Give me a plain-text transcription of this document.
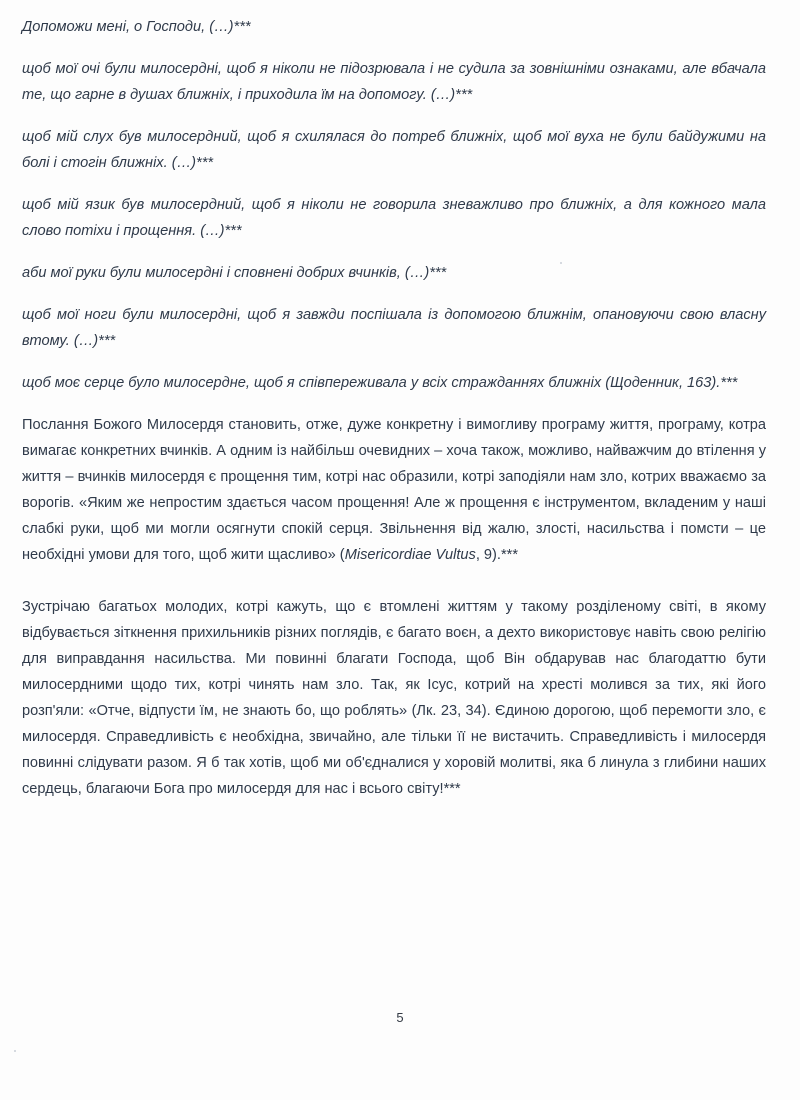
Допоможи мені, о Господи, (…)***

щоб мої очі були милосердні, щоб я ніколи не підозрювала і не судила за зовнішніми ознаками, але вбачала те, що гарне в душах ближніх, і приходила їм на допомогу. (…)***

щоб мій слух був милосердний, щоб я схилялася до потреб ближніх, щоб мої вуха не були байдужими на болі і стогін ближніх. (…)***

щоб мій язик був милосердний, щоб я ніколи не говорила зневажливо про ближніх, а для кожного мала слово потіхи і прощення. (…)***

аби мої руки були милосердні і сповнені добрих вчинків, (…)***

щоб мої ноги були милосердні, щоб я завжди поспішала із допомогою ближнім, опановуючи свою власну втому. (…)***

щоб моє серце було милосердне, щоб я співпереживала у всіх стражданнях ближніх (Щоденник, 163).***

Послання Божого Милосердя становить, отже, дуже конкретну і вимогливу програму життя, програму, котра вимагає конкретних вчинків. А одним із найбільш очевидних – хоча також, можливо, найважчим до втілення у життя – вчинків милосердя є прощення тим, котрі нас образили, котрі заподіяли нам зло, котрих вважаємо за ворогів. «Яким же непростим здається часом прощення! Але ж прощення є інструментом, вкладеним у наші слабкі руки, щоб ми могли осягнути спокій серця. Звільнення від жалю, злості, насильства і помсти – це необхідні умови для того, щоб жити щасливо» (Misericordiae Vultus, 9).***

Зустрічаю багатьох молодих, котрі кажуть, що є втомлені життям у такому розділеному світі, в якому відбувається зіткнення прихильників різних поглядів, є багато воєн, а дехто використовує навіть свою релігію для виправдання насильства. Ми повинні благати Господа, щоб Він обдарував нас благодаттю бути милосердними щодо тих, котрі чинять нам зло. Так, як Ісус, котрий на хресті молився за тих, які його розп'яли: «Отче, відпусти їм, не знають бо, що роблять» (Лк. 23, 34). Єдиною дорогою, щоб перемогти зло, є милосердя. Справедливість є необхідна, звичайно, але тільки її не вистачить. Справедливість і милосердя повинні слідувати разом. Я б так хотів, щоб ми об'єдналися у хоровій молитві, яка б линула з глибини наших сердець, благаючи Бога про милосердя для нас і всього світу!***

5
